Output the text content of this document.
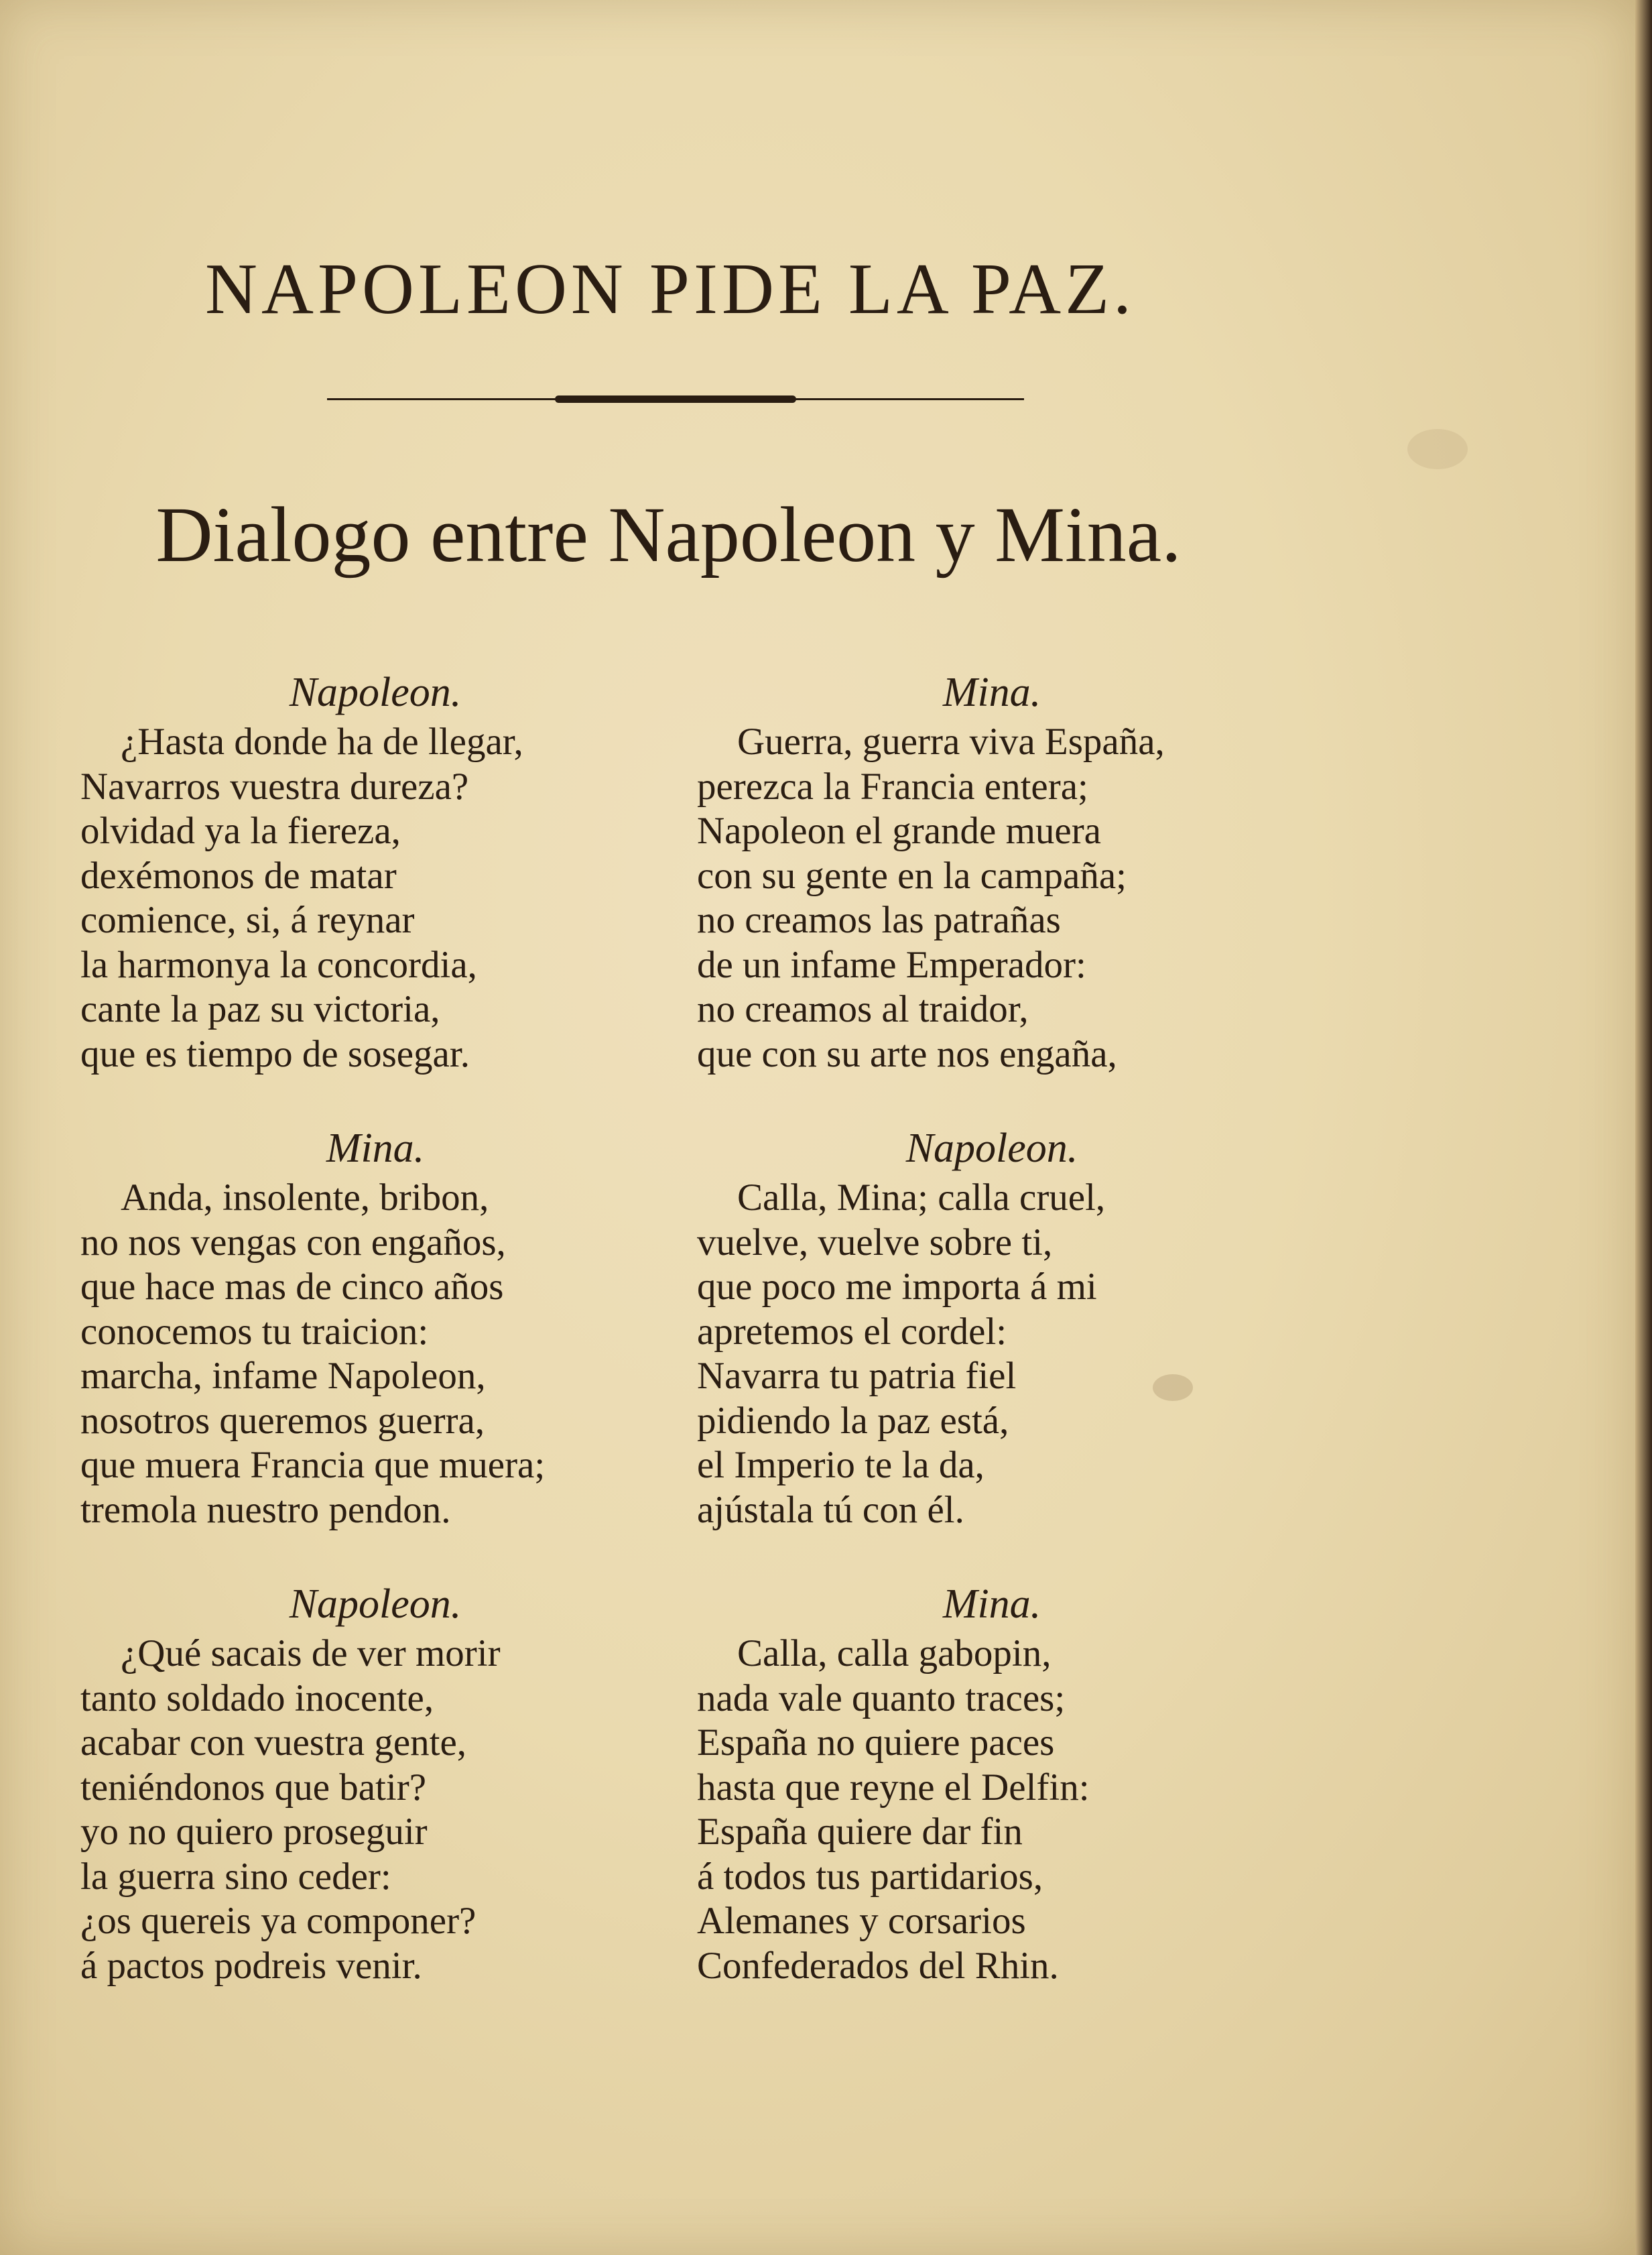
NAPOLEON PIDE LA PAZ.
Dialogo entre Napoleon y Mina.
Napoleon.
¿Hasta donde ha de llegar,
Navarros vuestra dureza?
olvidad ya la fiereza,
dexémonos de matar
comience, si, á reynar
la harmonya la concordia,
cante la paz su victoria,
que es tiempo de sosegar.
Mina.
Guerra, guerra viva España,
perezca la Francia entera;
Napoleon el grande muera
con su gente en la campaña;
no creamos las patrañas
de un infame Emperador:
no creamos al traidor,
que con su arte nos engaña,
Mina.
Anda, insolente, bribon,
no nos vengas con engaños,
que hace mas de cinco años
conocemos tu traicion:
marcha, infame Napoleon,
nosotros queremos guerra,
que muera Francia que muera;
tremola nuestro pendon.
Napoleon.
Calla, Mina; calla cruel,
vuelve, vuelve sobre ti,
que poco me importa á mi
apretemos el cordel:
Navarra tu patria fiel
pidiendo la paz está,
el Imperio te la da,
ajústala tú con él.
Napoleon.
¿Qué sacais de ver morir
tanto soldado inocente,
acabar con vuestra gente,
teniéndonos que batir?
yo no quiero proseguir
la guerra sino ceder:
¿os quereis ya componer?
á pactos podreis venir.
Mina.
Calla, calla gabopin,
nada vale quanto traces;
España no quiere paces
hasta que reyne el Delfin:
España quiere dar fin
á todos tus partidarios,
Alemanes y corsarios
Confederados del Rhin.
